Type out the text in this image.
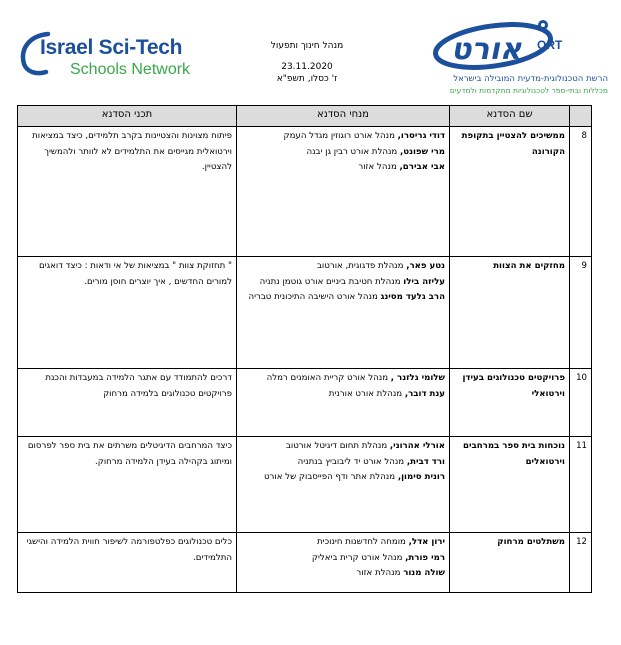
Israel Sci-Tech
Schools Network
מנהל חינוך ותפעול
23.11.2020
ז' כסלו, תשפ"א
אורט ORT
הרשת הטכנולוגית-מדעית המובילה בישראל
מכללות ובתי-ספר לטכנולוגיות מתקדמות ולמדעים
	שם הסדנא	מנחי הסדנא	תכני הסדנא
8	ממשיכים להצטיין בתקופת הקורונה	דודי גריסרו, מנהל אורט רוגוזין מגדל העמק
מרי שפונט, מנהלת אורט רבין גן יבנה
אבי אבירם, מנהל אזור	פיתוח מצוינות והצטיינות בקרב תלמידים, כיצד במציאות וירטואלית מגייסים את התלמידים לא לוותר ולהמשיך להצטיין.
9	מחזקים את הצוות	נטע פאר, מנהלת פדגוגית, אורטוב
עליזה בילו מנהלת חטיבת ביניים אורט גוטמן נתניה
הרב גלעד מסינג מנהל אורט הישיבה התיכונית טבריה	" תחזוקת צוות " במציאות של אי ודאות : כיצד דואגים למורים החדשים , איך יוצרים חוסן מורים.
10	פרויקטים טכנולוגים בעידן וירטואלי	שלומי גלזנר , מנהל אורט קריית האומנים רמלה
ענת דובר, מנהלת אורט אורנית	דרכים להתמודד עם אתגר הלמידה במעבדות והכנת פרויקטים טכנולוגים בלמידה מרחוק
11	נוכחות בית ספר במרחבים וירטואלים	אורלי אהרוני, מנהלת תחום דיגיטל אורטוב
ורד דבית, מנהל אורט יד ליבוביץ בנתניה
רונית סימון, מנהלת אתר ודף הפייסבוק של אורט	כיצד המרחבים הדיגיטלים משרתים את בית ספר לפרסום ומיתוג בקהילה בעידן הלמידה מרחוק.
12	משתלטים מרחוק	ירון אדל, מומחה לחדשנות חינוכית
רמי פורת, מנהל אורט קרית ביאליק
שולה מנור מנהלת אזור	כלים טכנולוגים כפלטפורמה לשיפור חווית הלמידה והישגי התלמידים.
